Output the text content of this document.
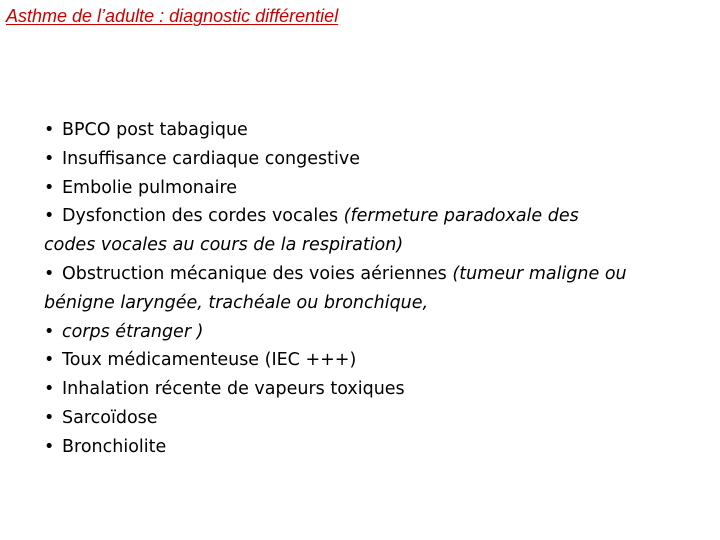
Asthme de l’adulte : diagnostic différentiel
• BPCO post tabagique
• Insuffisance cardiaque congestive
• Embolie pulmonaire
• Dysfonction des cordes vocales (fermeture paradoxale des
codes vocales au cours de la respiration)
• Obstruction mécanique des voies aériennes (tumeur maligne ou
bénigne laryngée, trachéale ou bronchique,
• corps étranger )
• Toux médicamenteuse (IEC +++)
• Inhalation récente de vapeurs toxiques
• Sarcoïdose
• Bronchiolite
